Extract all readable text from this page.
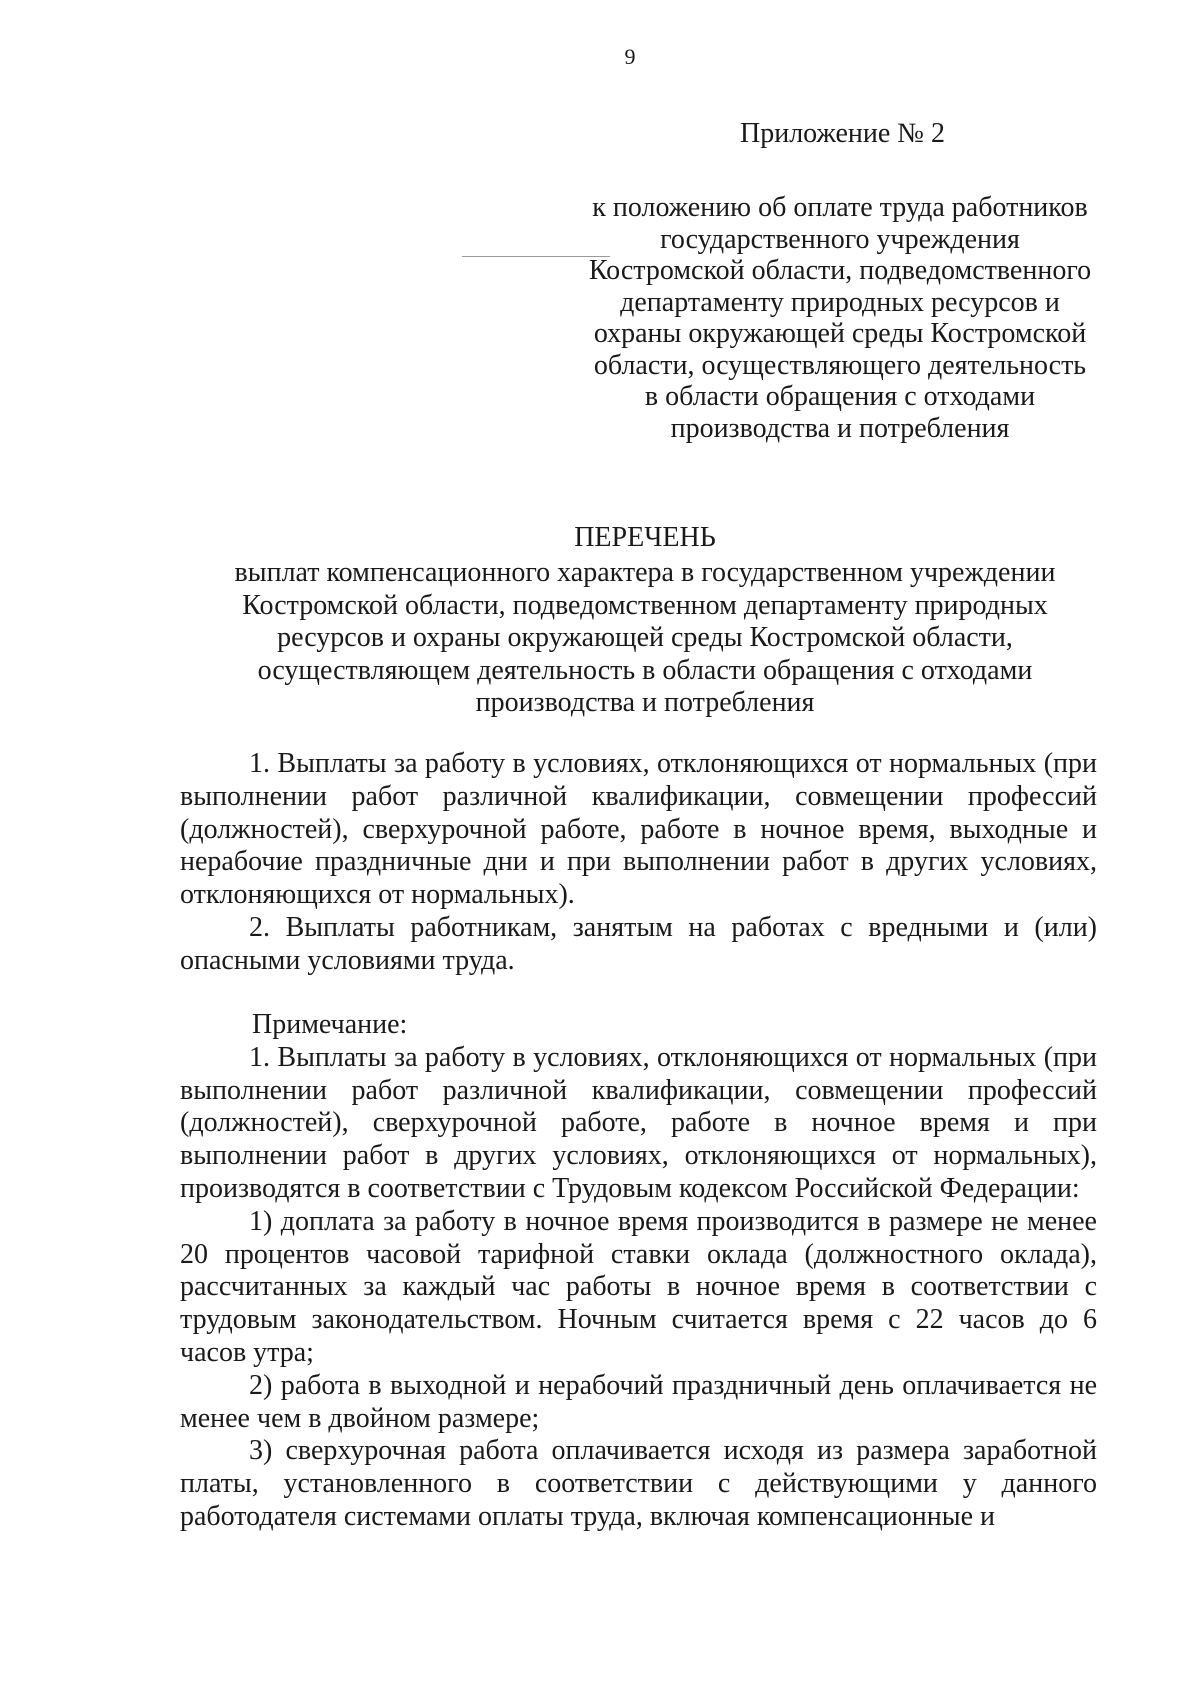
9
Приложение № 2
к положению об оплате труда работников
государственного учреждения
Костромской области, подведомственного
департаменту природных ресурсов и
охраны окружающей среды Костромской
области, осуществляющего деятельность
в области обращения с отходами
производства и потребления
ПЕРЕЧЕНЬ
выплат компенсационного характера в государственном учреждении
Костромской области, подведомственном департаменту природных
ресурсов и охраны окружающей среды Костромской области,
осуществляющем деятельность в области обращения с отходами
производства и потребления

1. Выплаты за работу в условиях, отклоняющихся от нормальных (при выполнении работ различной квалификации, совмещении профессий (должностей), сверхурочной работе, работе в ночное время, выходные и нерабочие праздничные дни и при выполнении работ в других условиях, отклоняющихся от нормальных).

2. Выплаты работникам, занятым на работах с вредными и (или) опасными условиями труда.

Примечание:

1. Выплаты за работу в условиях, отклоняющихся от нормальных (при выполнении работ различной квалификации, совмещении профессий (должностей), сверхурочной работе, работе в ночное время и при выполнении работ в других условиях, отклоняющихся от нормальных), производятся в соответствии с Трудовым кодексом Российской Федерации:

1) доплата за работу в ночное время производится в размере не менее 20 процентов часовой тарифной ставки оклада (должностного оклада), рассчитанных за каждый час работы в ночное время в соответствии с трудовым законодательством. Ночным считается время с 22 часов до 6 часов утра;

2) работа в выходной и нерабочий праздничный день оплачивается не менее чем в двойном размере;

3) сверхурочная работа оплачивается исходя из размера заработной платы, установленного в соответствии с действующими у данного работодателя системами оплаты труда, включая компенсационные и
